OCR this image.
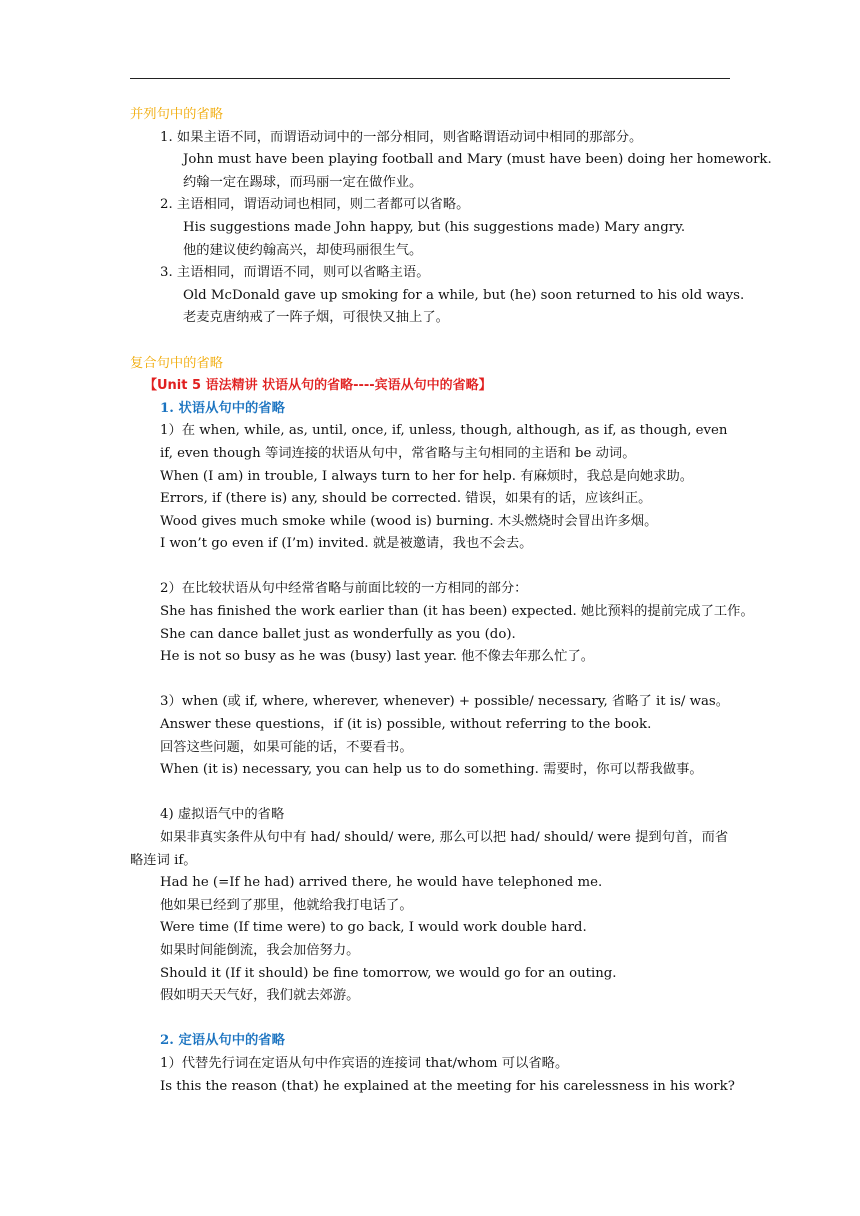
并列句中的省略
1. 如果主语不同，而谓语动词中的一部分相同，则省略谓语动词中相同的那部分。
John must have been playing football and Mary (must have been) doing her homework.
约翰一定在踢球，而玛丽一定在做作业。
2. 主语相同，谓语动词也相同，则二者都可以省略。
His suggestions made John happy, but (his suggestions made) Mary angry.
他的建议使约翰高兴，却使玛丽很生气。
3. 主语相同，而谓语不同，则可以省略主语。
Old McDonald gave up smoking for a while, but (he) soon returned to his old ways.
老麦克唐纳戒了一阵子烟，可很快又抽上了。
复合句中的省略
【Unit 5 语法精讲 状语从句的省略----宾语从句中的省略】
1. 状语从句中的省略
1）在 when, while, as, until, once, if, unless, though, although, as if, as though, even if, even though 等词连接的状语从句中，常省略与主句相同的主语和 be 动词。
When (I am) in trouble, I always turn to her for help. 有麻烦时，我总是向她求助。
Errors, if (there is) any, should be corrected. 错误，如果有的话，应该纠正。
Wood gives much smoke while (wood is) burning. 木头燃烧时会冒出许多烟。
I won’t go even if (I’m) invited. 就是被邀请，我也不会去。
2）在比较状语从句中经常省略与前面比较的一方相同的部分：
She has finished the work earlier than (it has been) expected. 她比预料的提前完成了工作。
She can dance ballet just as wonderfully as you (do).
He is not so busy as he was (busy) last year. 他不像去年那么忙了。
3）when (或 if, where, wherever, whenever) + possible/ necessary, 省略了 it is/ was。
Answer these questions，if (it is) possible, without referring to the book.
回答这些问题，如果可能的话，不要看书。
When (it is) necessary, you can help us to do something. 需要时，你可以帮我做事。
4) 虚拟语气中的省略
如果非真实条件从句中有 had/ should/ were, 那么可以把 had/ should/ were 提到句首，而省略连词 if。
Had he (=If he had) arrived there, he would have telephoned me.
他如果已经到了那里，他就给我打电话了。
Were time (If time were) to go back, I would work double hard.
如果时间能倒流，我会加倍努力。
Should it (If it should) be fine tomorrow, we would go for an outing.
假如明天天气好，我们就去郊游。
2. 定语从句中的省略
1）代替先行词在定语从句中作宾语的连接词 that/whom 可以省略。
Is this the reason (that) he explained at the meeting for his carelessness in his work?
